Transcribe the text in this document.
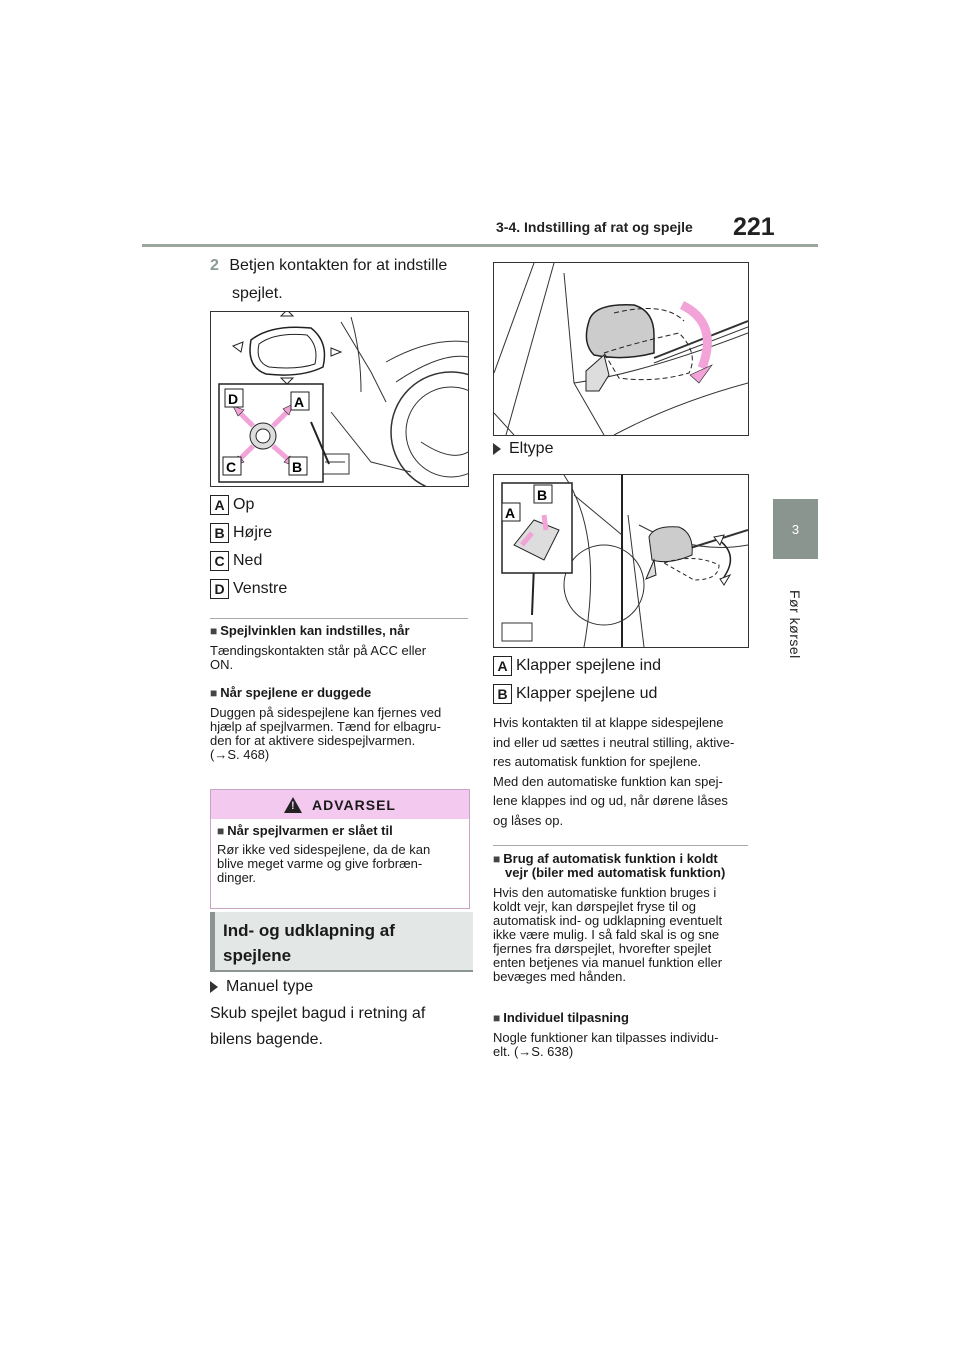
3-4. Indstilling af rat og spejle 221
3
Før kørsel
2 Betjen kontakten for at indstille
spejlet.
D	A
C	B
A Op
B Højre
C Ned
D Venstre
■ Spejlvinklen kan indstilles, når
Tændingskontakten står på ACC eller
ON.
■ Når spejlene er duggede
Duggen på sidespejlene kan fjernes ved
hjælp af spejlvarmen. Tænd for elbagru-
den for at aktivere sidespejlvarmen.
(→S. 468)
! ADVARSEL
■ Når spejlvarmen er slået til
Rør ikke ved sidespejlene, da de kan
blive meget varme og give forbræn-
dinger.
Ind- og udklapning af
spejlene
Manuel type
Skub spejlet bagud i retning af
bilens bagende.
Eltype
A
B
A Klapper spejlene ind
B Klapper spejlene ud
Hvis kontakten til at klappe sidespejlene
ind eller ud sættes i neutral stilling, aktive-
res automatisk funktion for spejlene.
Med den automatiske funktion kan spej-
lene klappes ind og ud, når dørene låses
og låses op.
■ Brug af automatisk funktion i koldt
vejr (biler med automatisk funktion)
Hvis den automatiske funktion bruges i
koldt vejr, kan dørspejlet fryse til og
automatisk ind- og udklapning eventuelt
ikke være mulig. I så fald skal is og sne
fjernes fra dørspejlet, hvorefter spejlet
enten betjenes via manuel funktion eller
bevæges med hånden.
■ Individuel tilpasning
Nogle funktioner kan tilpasses individu-
elt. (→S. 638)
